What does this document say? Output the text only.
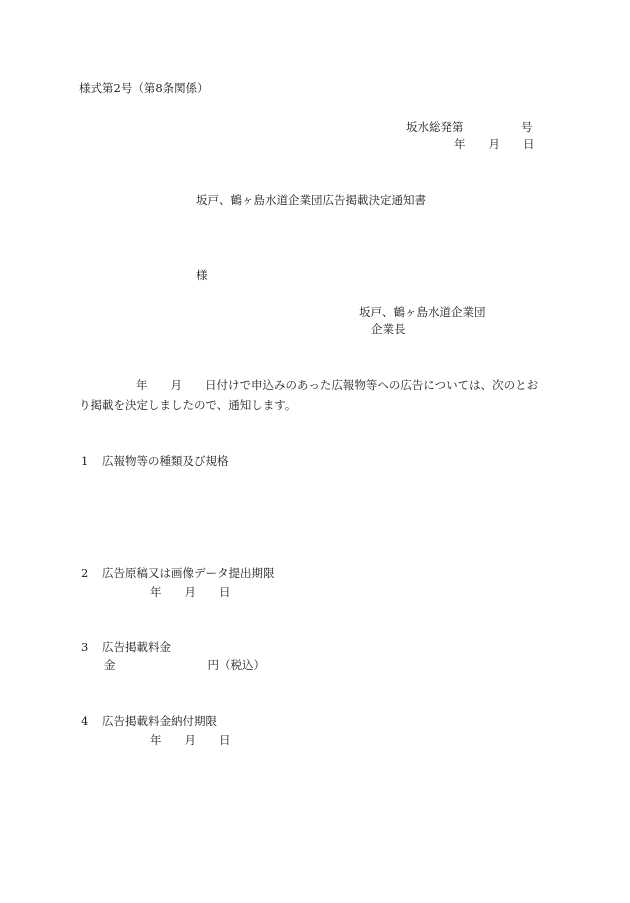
様式第2号（第8条関係）
坂水総発第　　　　　号
年　　月　　日
坂戸、鶴ヶ島水道企業団広告掲載決定通知書
様
坂戸、鶴ヶ島水道企業団
企業長
年　　月　　日付けで申込みのあった広報物等への広告については、次のとお
り掲載を決定しましたので、通知します。
1 広報物等の種類及び規格
2 広告原稿又は画像データ提出期限
年　　月　　日
3 広告掲載料金
金　　　　　　　　円（税込）
4 広告掲載料金納付期限
年　　月　　日
